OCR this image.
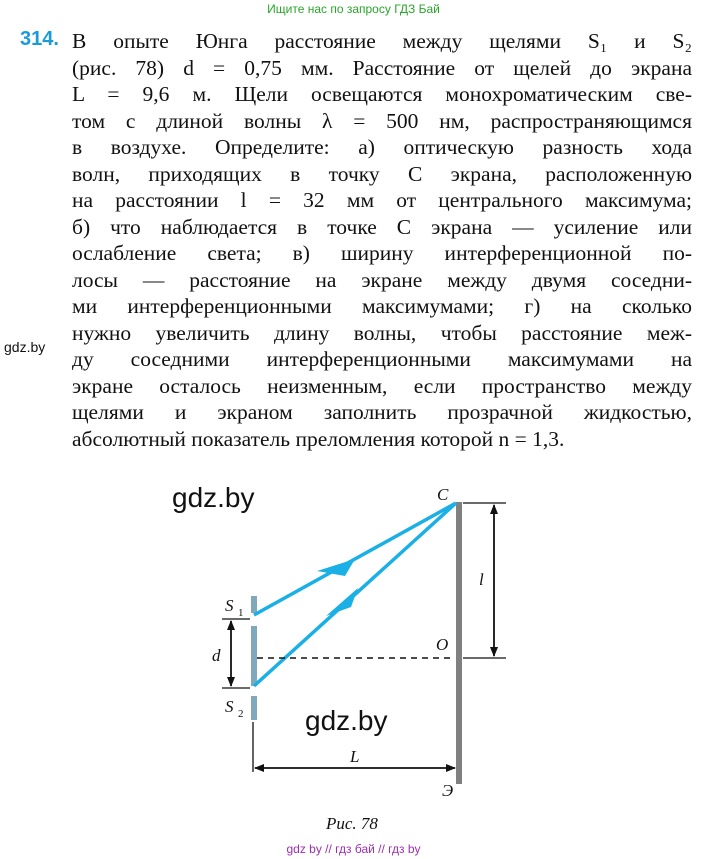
Ищите нас по запросу ГДЗ Бай
314. В опыте Юнга расстояние между щелями S₁ и S₂
(рис. 78) d = 0,75 мм. Расстояние от щелей до экрана
L = 9,6 м. Щели освещаются монохроматическим све-
том с длиной волны λ = 500 нм, распространяющимся
в воздухе. Определите: а) оптическую разность хода
волн, приходящих в точку C экрана, расположенную
на расстоянии l = 32 мм от центрального максимума;
б) что наблюдается в точке C экрана — усиление или
ослабление света; в) ширину интерференционной по-
лосы — расстояние на экране между двумя соседни-
ми интерференционными максимумами; г) на сколько
нужно увеличить длину волны, чтобы расстояние меж-
ду соседними интерференционными максимумами на
экране осталось неизменным, если пространство между
щелями и экраном заполнить прозрачной жидкостью,
абсолютный показатель преломления которой n = 1,3.
gdz.by
gdz.by	C
O
l
d
L
Э
S 1
S 2 gdz.by
Рис. 78
gdz by // гдз бай // гдз by
